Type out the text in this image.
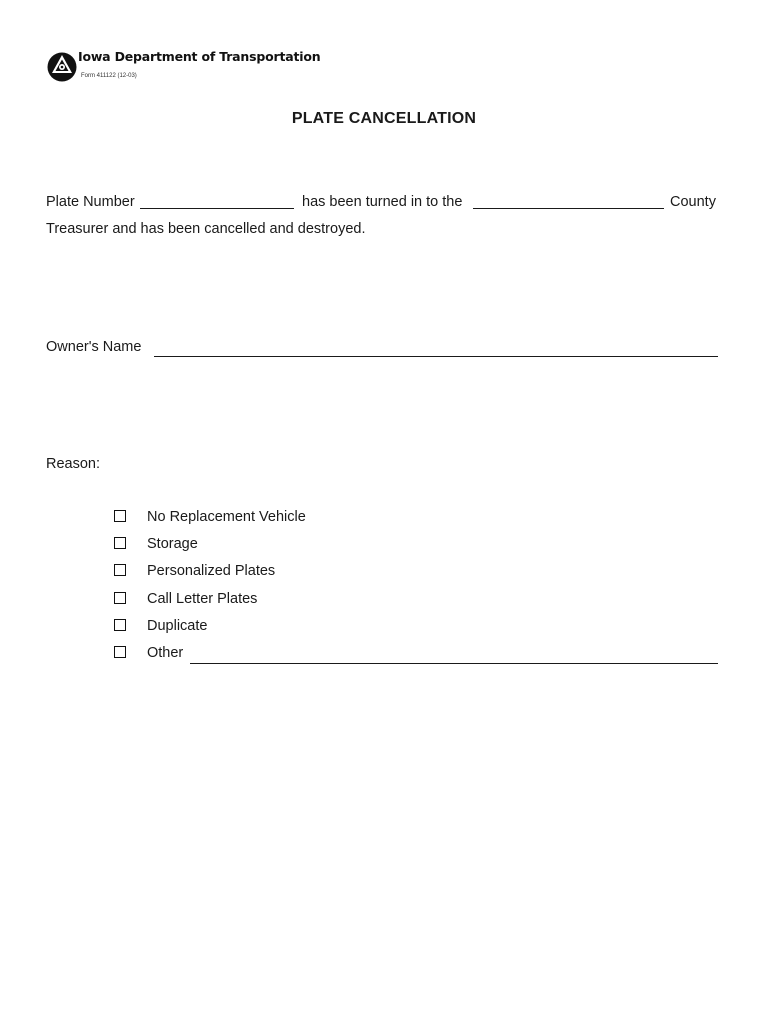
Iowa Department of Transportation
Form 411122 (12-03)
PLATE CANCELLATION
Plate Number	has been turned in to the	County
Treasurer and has been cancelled and destroyed.
Owner's Name
Reason:
No Replacement Vehicle
Storage
Personalized Plates
Call Letter Plates
Duplicate
Other
